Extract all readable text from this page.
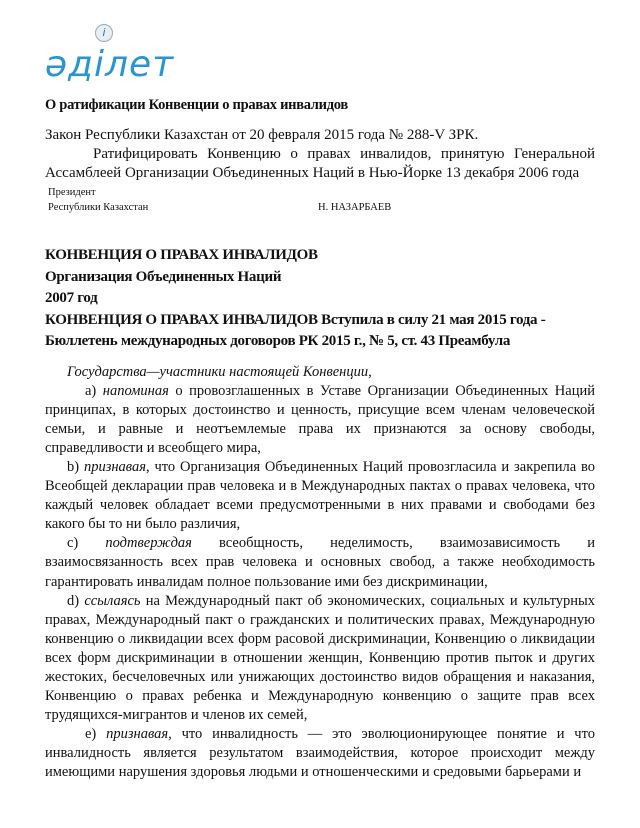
әділет
i
О ратификации Конвенции о правах инвалидов
Закон Республики Казахстан от 20 февраля 2015 года № 288-V ЗРК.
Ратифицировать Конвенцию о правах инвалидов, принятую Генеральной Ассамблеей Организации Объединенных Наций в Нью-Йорке 13 декабря 2006 года
Президент
Республики Казахстан	Н. НАЗАРБАЕВ
КОНВЕНЦИЯ О ПРАВАХ ИНВАЛИДОВ
Организация Объединенных Наций
2007 год
КОНВЕНЦИЯ О ПРАВАХ ИНВАЛИДОВ Вступила в силу 21 мая 2015 года - Бюллетень международных договоров РК 2015 г., № 5, ст. 43 Преамбула

Государства—участники настоящей Конвенции,

a) напоминая о провозглашенных в Уставе Организации Объединенных Наций принципах, в которых достоинство и ценность, присущие всем членам человеческой семьи, и равные и неотъемлемые права их признаются за основу свободы, справедливости и всеобщего мира,

b) признавая, что Организация Объединенных Наций провозгласила и закрепила во Всеобщей декларации прав человека и в Международных пактах о правах человека, что каждый человек обладает всеми предусмотренными в них правами и свободами без какого бы то ни было различия,

c) подтверждая всеобщность, неделимость, взаимозависимость и взаимосвязанность всех прав человека и основных свобод, а также необходимость гарантировать инвалидам полное пользование ими без дискриминации,

d) ссылаясь на Международный пакт об экономических, социальных и культурных правах, Международный пакт о гражданских и политических правах, Международную конвенцию о ликвидации всех форм расовой дискриминации, Конвенцию о ликвидации всех форм дискриминации в отношении женщин, Конвенцию против пыток и других жестоких, бесчеловечных или унижающих достоинство видов обращения и наказания, Конвенцию о правах ребенка и Международную конвенцию о защите прав всех трудящихся-мигрантов и членов их семей,

e) признавая, что инвалидность — это эволюционирующее понятие и что инвалидность является результатом взаимодействия, которое происходит между имеющими нарушения здоровья людьми и отношенческими и средовыми барьерами и
